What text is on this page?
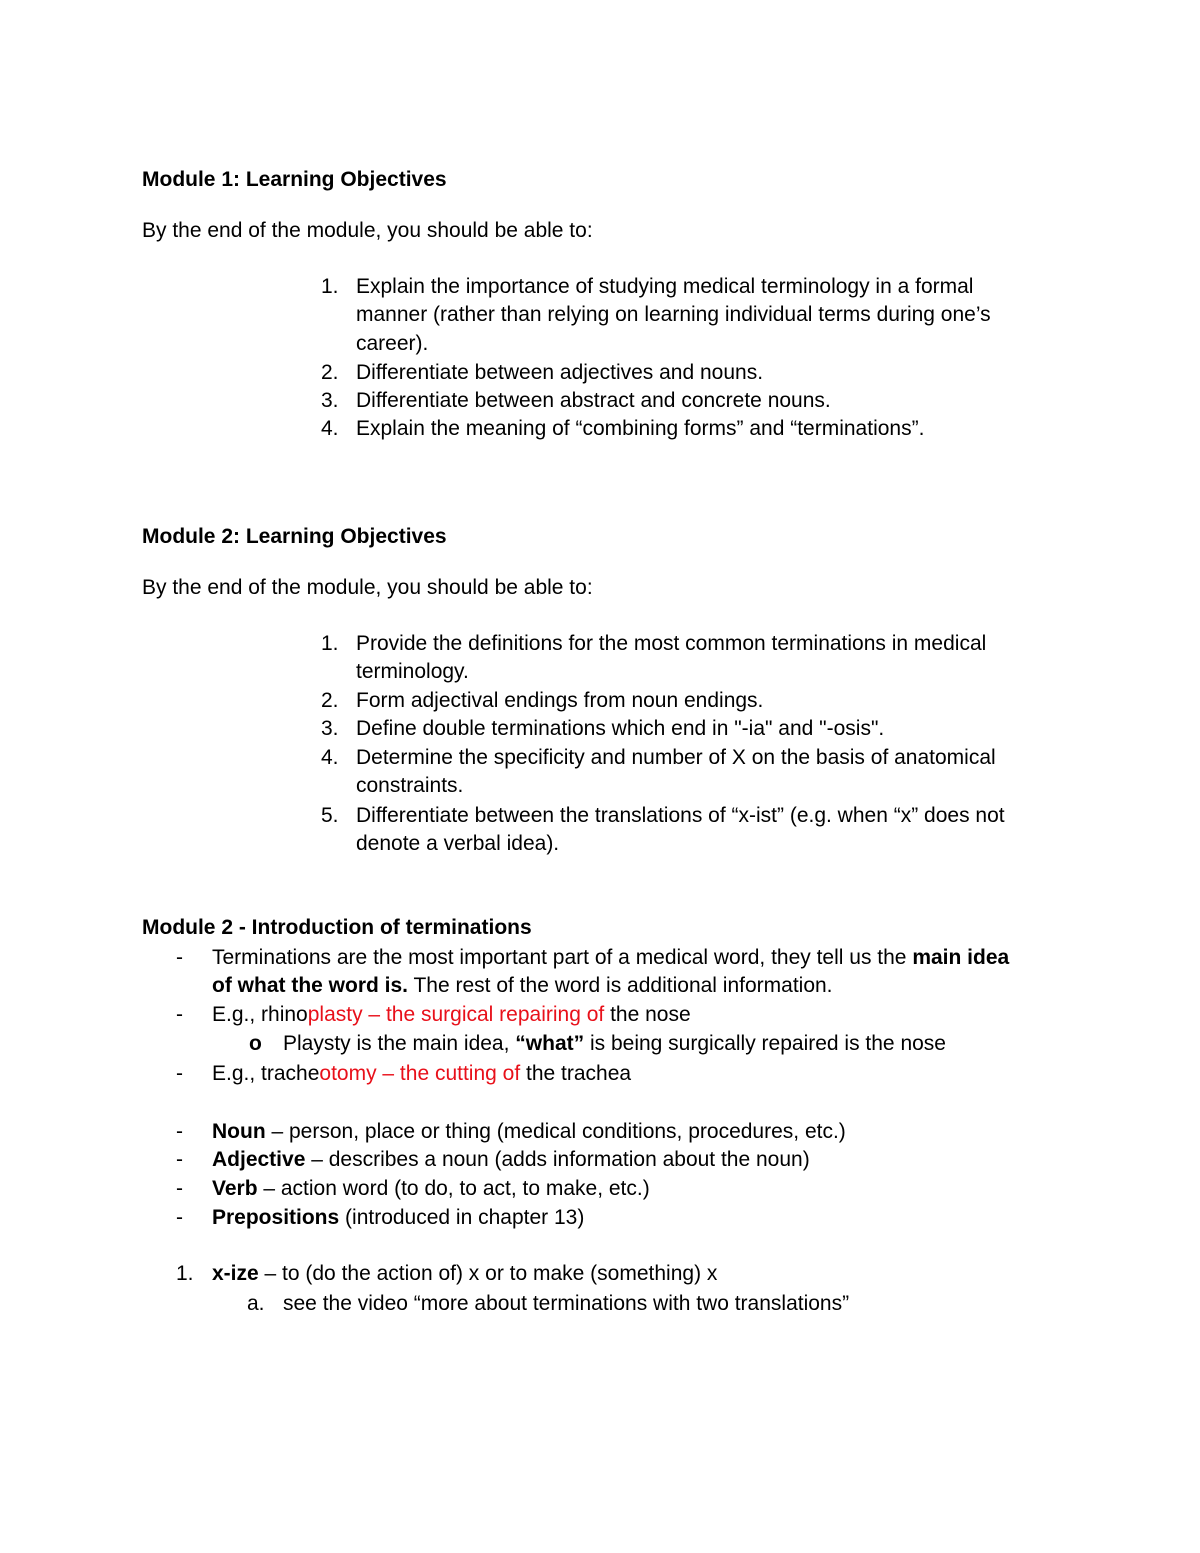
Module 1: Learning Objectives
By the end of the module, you should be able to:
1. Explain the importance of studying medical terminology in a formal
manner (rather than relying on learning individual terms during one’s
career).
2. Differentiate between adjectives and nouns.
3. Differentiate between abstract and concrete nouns.
4. Explain the meaning of “combining forms” and “terminations”.
Module 2: Learning Objectives
By the end of the module, you should be able to:
1. Provide the definitions for the most common terminations in medical
terminology.
2. Form adjectival endings from noun endings.
3. Define double terminations which end in "-ia" and "-osis".
4. Determine the specificity and number of X on the basis of anatomical
constraints.
5. Differentiate between the translations of “x-ist” (e.g. when “x” does not
denote a verbal idea).
Module 2 - Introduction of terminations
- Terminations are the most important part of a medical word, they tell us the main idea
of what the word is. The rest of the word is additional information.
- E.g., rhinoplasty – the surgical repairing of the nose
o Playsty is the main idea, “what” is being surgically repaired is the nose
- E.g., tracheotomy – the cutting of the trachea
- Noun – person, place or thing (medical conditions, procedures, etc.)
- Adjective – describes a noun (adds information about the noun)
- Verb – action word (to do, to act, to make, etc.)
- Prepositions (introduced in chapter 13)
1. x-ize – to (do the action of) x or to make (something) x
a. see the video “more about terminations with two translations”
